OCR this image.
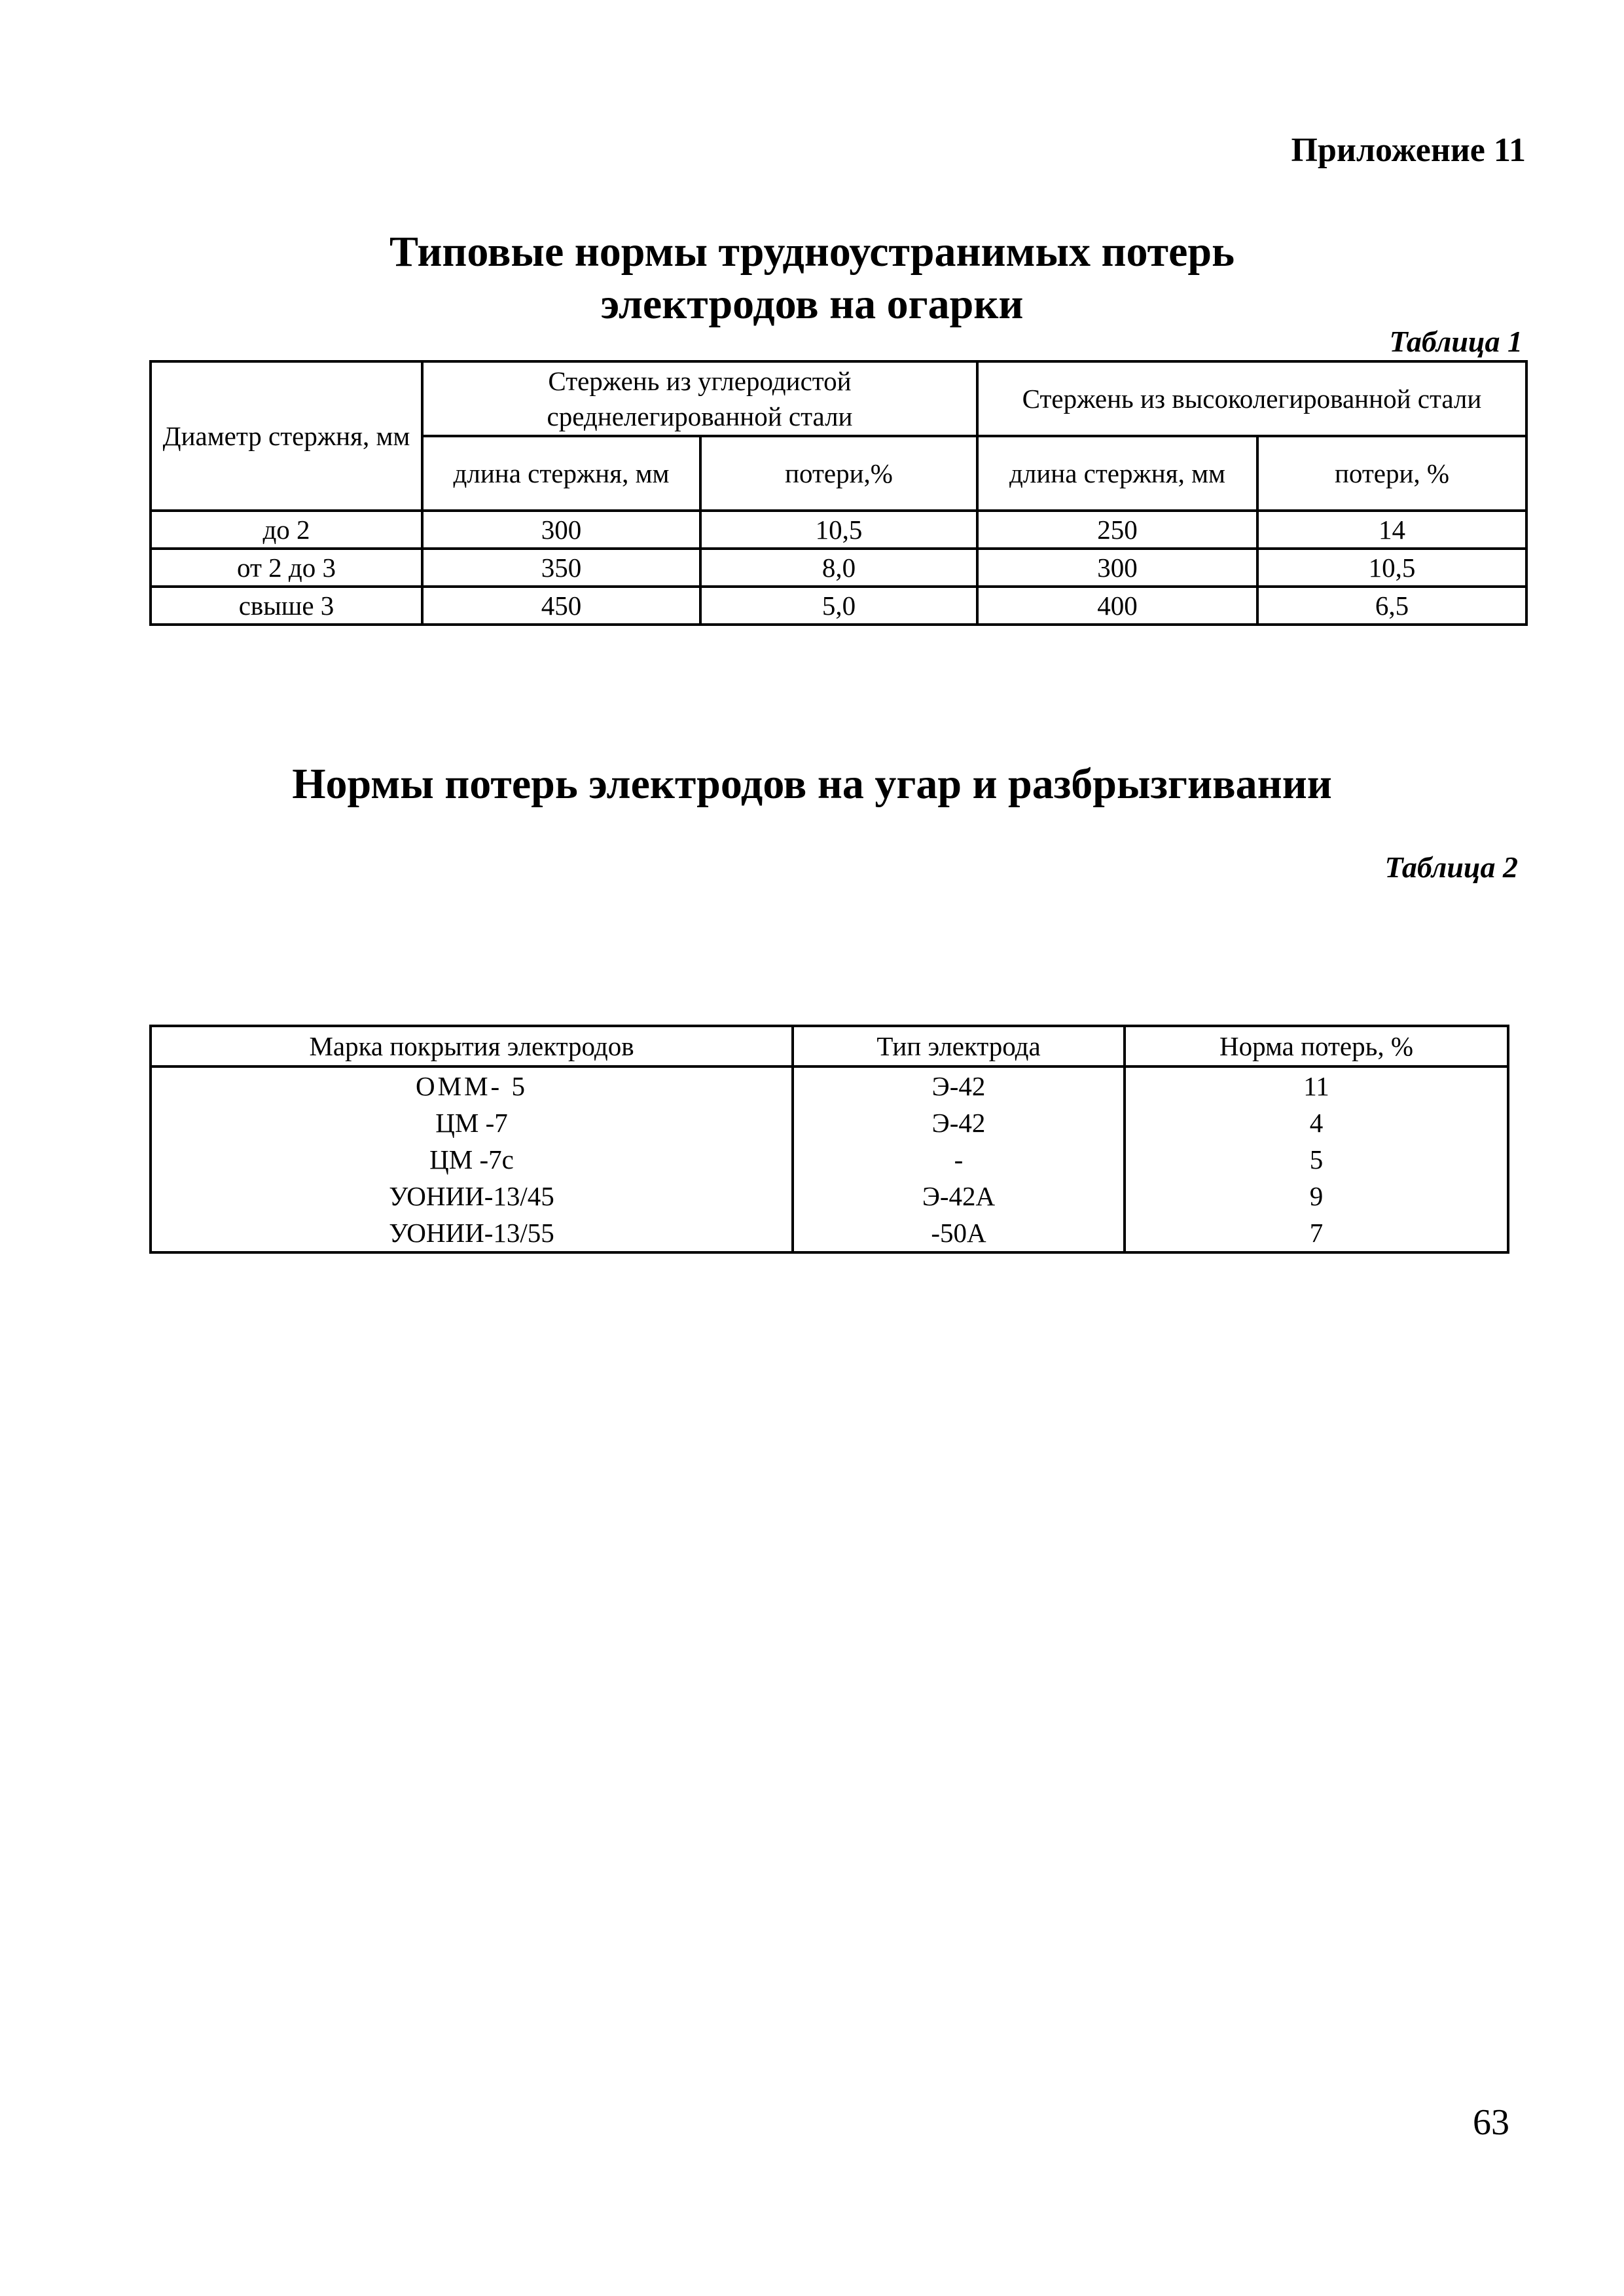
Приложение 11
Типовые нормы трудноустранимых потерь
электродов на огарки
Таблица 1
Диаметр стержня, мм	Стержень из углеродистой среднелегированной стали		Стержень из высоколегированной стали	
	длина стержня, мм	потери,%	длина стержня, мм	потери, %
до 2	300	10,5	250	14
от 2 до 3	350	8,0	300	10,5
свыше 3	450	5,0	400	6,5
Нормы потерь электродов на угар и разбрызгивании
Таблица 2
Марка покрытия электродов	Тип электрода	Норма потерь, %
ОММ- 5	Э-42	11
ЦМ -7	Э-42	4
ЦМ -7с	-	5
УОНИИ-13/45	Э-42А	9
УОНИИ-13/55	-50А	7
63
